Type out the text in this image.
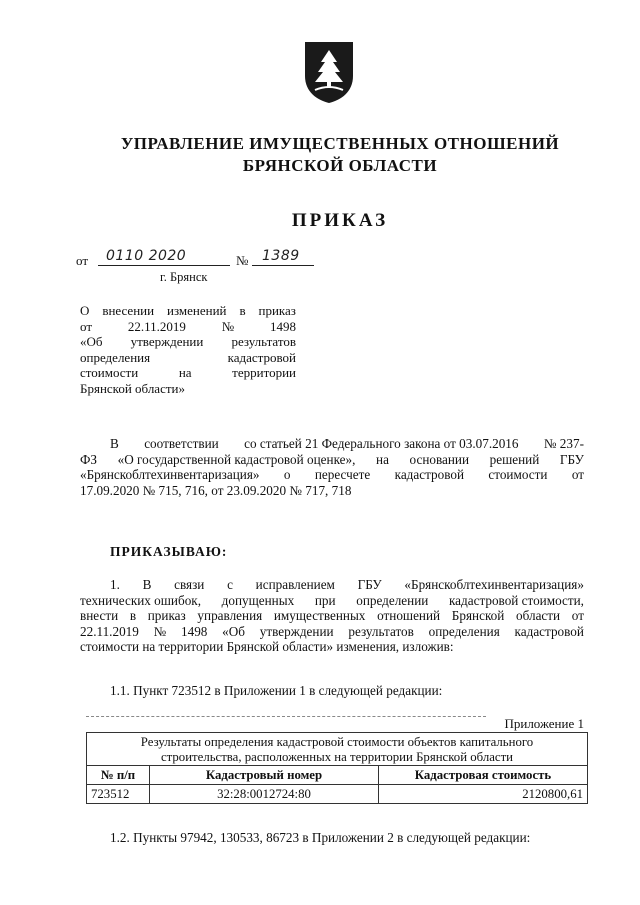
УПРАВЛЕНИЕ ИМУЩЕСТВЕННЫХ ОТНОШЕНИЙ
БРЯНСКОЙ ОБЛАСТИ
ПРИКАЗ
от 0110 2020	№ 1389
г. Брянск
О внесении изменений в приказ
от	22.11.2019	№	1498
«Об утверждении результатов
определения	кадастровой
стоимости	на	территории
Брянской области»
В соответствии со статьей 21 Федерального закона от 03.07.2016 № 237-
ФЗ «О государственной кадастровой оценке», на основании решений ГБУ
«Брянскоблтехинвентаризация» о пересчете кадастровой стоимости от
17.09.2020 № 715, 716, от 23.09.2020 № 717, 718
ПРИКАЗЫВАЮ:
1. В связи с исправлением ГБУ «Брянскоблтехинвентаризация»
технических ошибок, допущенных при определении кадастровой стоимости,
внести в приказ управления имущественных отношений Брянской области от
22.11.2019 № 1498 «Об утверждении результатов определения кадастровой
стоимости на территории Брянской области» изменения, изложив:
1.1. Пункт 723512 в Приложении 1 в следующей редакции:
Приложение 1
Результаты определения кадастровой стоимости объектов капитального
строительства, расположенных на территории Брянской области
№ п/п	Кадастровый номер	Кадастровая стоимость
723512	32:28:0012724:80	2120800,61
1.2. Пункты 97942, 130533, 86723 в Приложении 2 в следующей редакции:
